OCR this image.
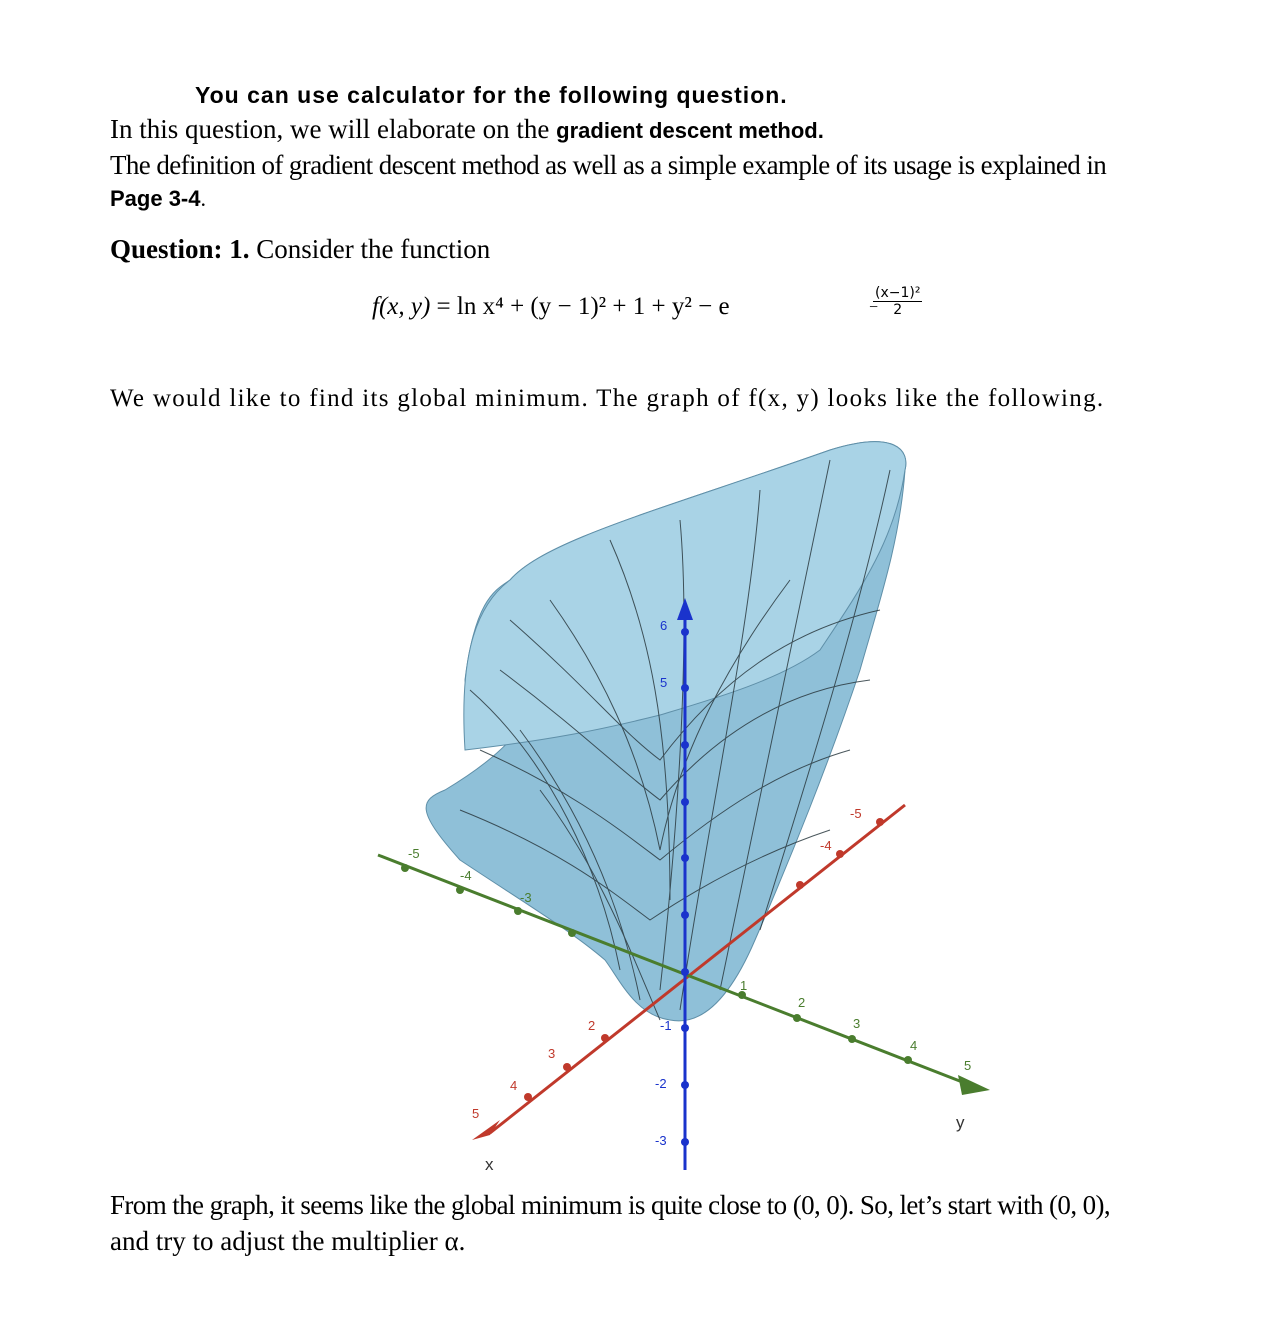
You can use calculator for the following question.
In this question, we will elaborate on the gradient descent method.
The definition of gradient descent method as well as a simple example of its usage is explained in
Page 3-4.
Question: 1. Consider the function
f(x, y) = ln x⁴ + (y − 1)² + 1 + y² − e	−
$\frac{\text{(x−1)²}}{2}$
We would like to find its global minimum. The graph of f(x, y) looks like the following.
6
5
-1
-2
-3
-5
-4
2
3
4
5
-5
-4
-3
1
2
3
4
5
y
x
From the graph, it seems like the global minimum is quite close to (0, 0). So, let’s start with (0, 0),
and try to adjust the multiplier α.
